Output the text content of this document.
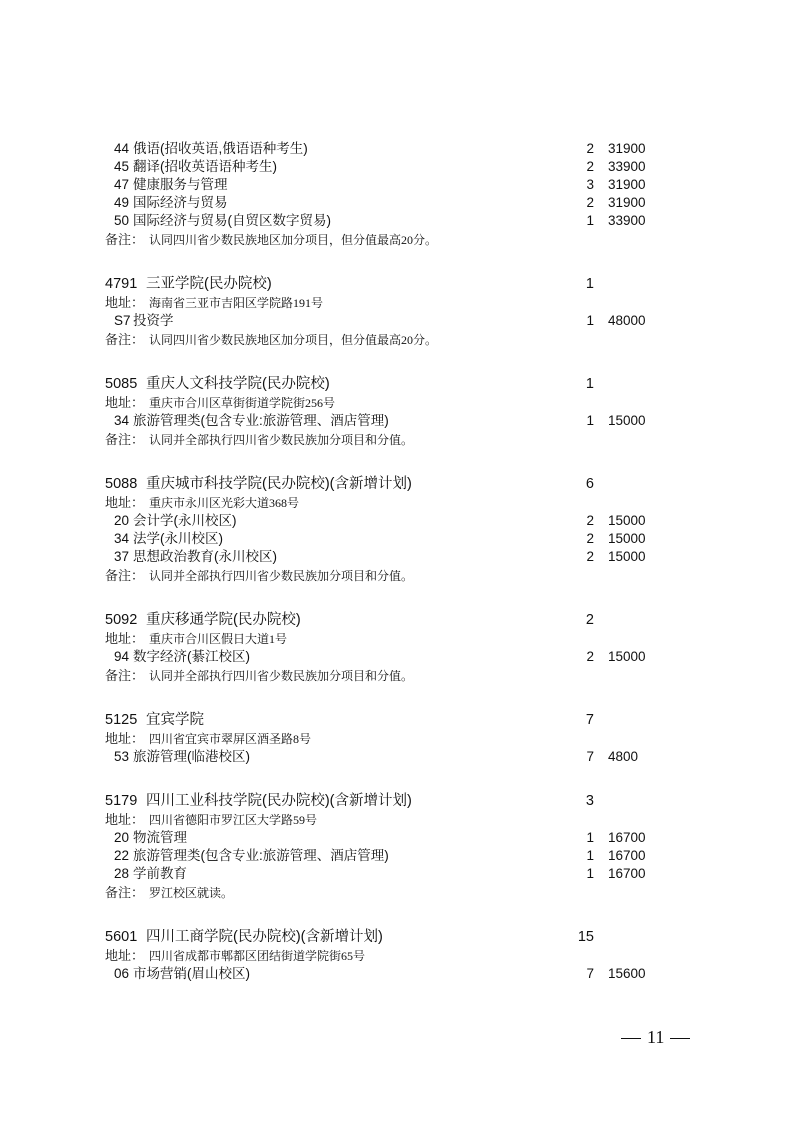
44 俄语(招收英语,俄语语种考生)	2 31900
45 翻译(招收英语语种考生)	2 33900
47 健康服务与管理	3 31900
49 国际经济与贸易	2 31900
50 国际经济与贸易(自贸区数字贸易)	1 33900
备注： 认同四川省少数民族地区加分项目，但分值最高20分。
4791 三亚学院(民办院校)	1
地址： 海南省三亚市吉阳区学院路191号
S7 投资学	1 48000
备注： 认同四川省少数民族地区加分项目，但分值最高20分。
5085 重庆人文科技学院(民办院校)	1
地址： 重庆市合川区草街街道学院街256号
34 旅游管理类(包含专业:旅游管理、酒店管理)	1 15000
备注： 认同并全部执行四川省少数民族加分项目和分值。
5088 重庆城市科技学院(民办院校)(含新增计划)	6
地址： 重庆市永川区光彩大道368号
20 会计学(永川校区)	2 15000
34 法学(永川校区)	2 15000
37 思想政治教育(永川校区)	2 15000
备注： 认同并全部执行四川省少数民族加分项目和分值。
5092 重庆移通学院(民办院校)	2
地址： 重庆市合川区假日大道1号
94 数字经济(綦江校区)	2 15000
备注： 认同并全部执行四川省少数民族加分项目和分值。
5125 宜宾学院	7
地址： 四川省宜宾市翠屏区酒圣路8号
53 旅游管理(临港校区)	7 4800
5179 四川工业科技学院(民办院校)(含新增计划)	3
地址： 四川省德阳市罗江区大学路59号
20 物流管理	1 16700
22 旅游管理类(包含专业:旅游管理、酒店管理)	1 16700
28 学前教育	1 16700
备注： 罗江校区就读。
5601 四川工商学院(民办院校)(含新增计划)	15
地址： 四川省成都市郫都区团结街道学院街65号
06 市场营销(眉山校区)	7 15600
11
